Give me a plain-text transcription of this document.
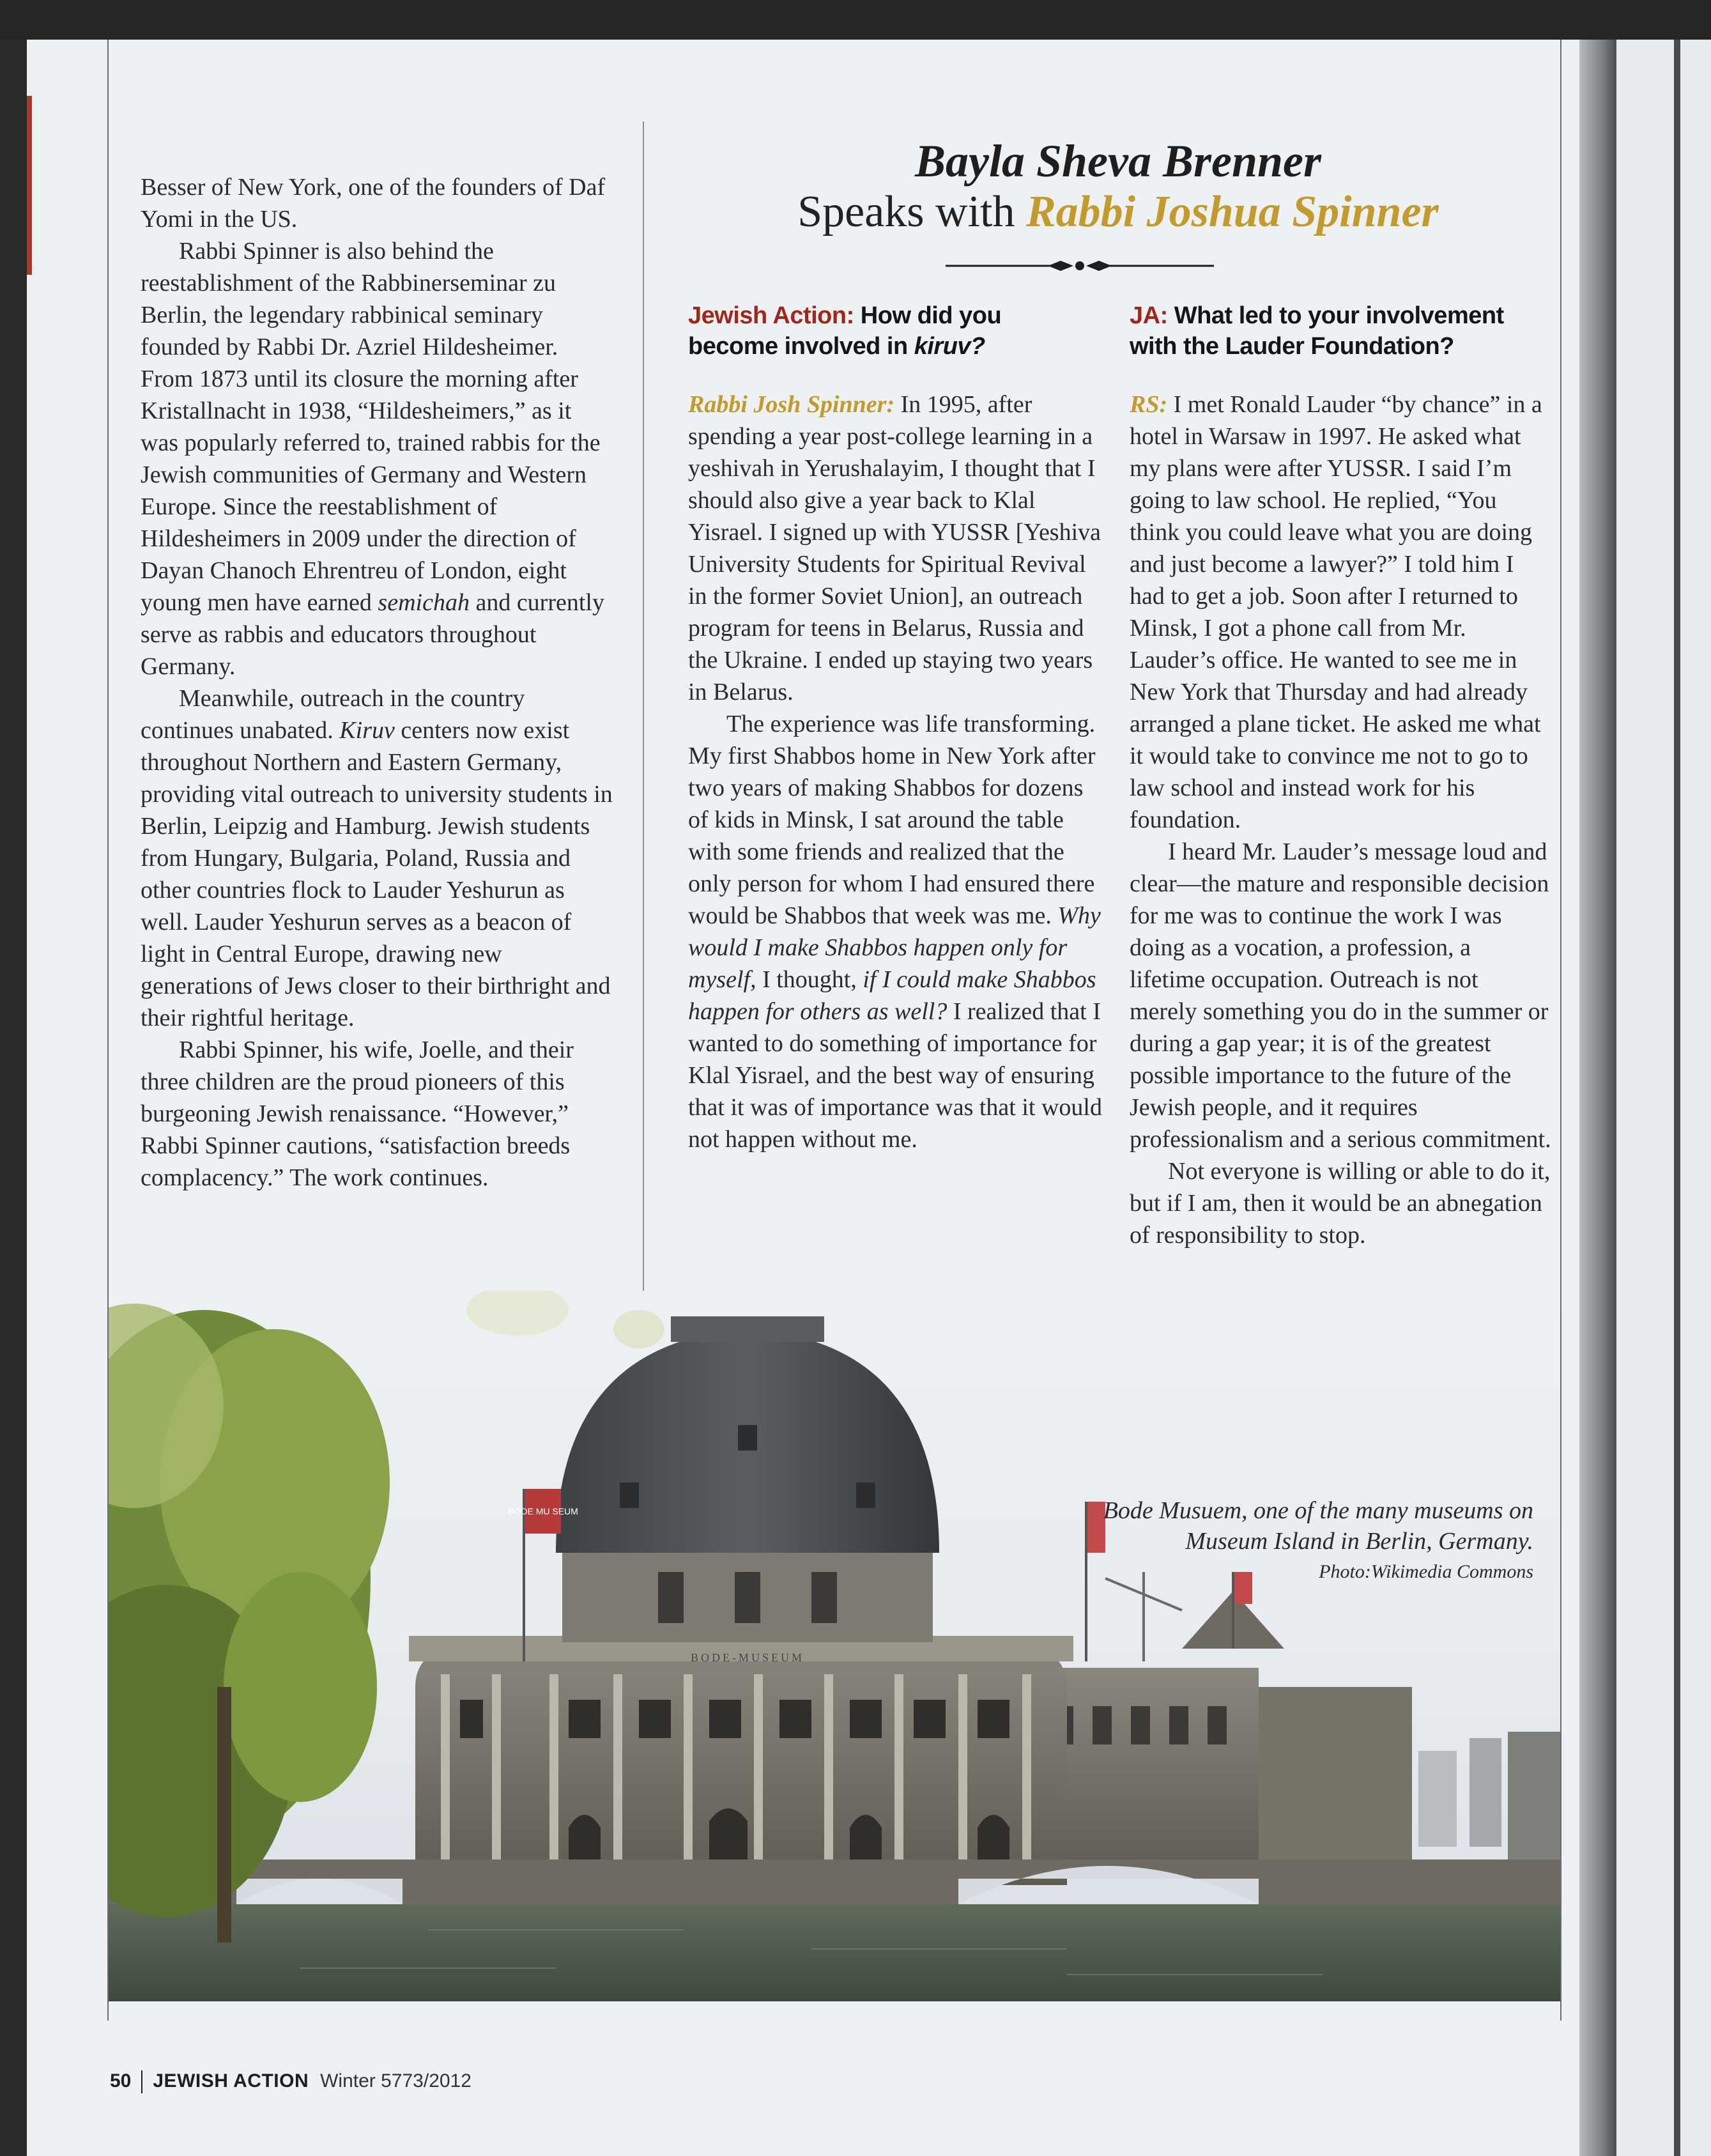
Besser of New York, one of the founders of Daf Yomi in the US.

Rabbi Spinner is also behind the reestablishment of the Rabbinerseminar zu Berlin, the legendary rabbinical seminary founded by Rabbi Dr. Azriel Hildesheimer. From 1873 until its closure the morning after Kristallnacht in 1938, “Hildesheimers,” as it was popularly referred to, trained rabbis for the Jewish communities of Germany and Western Europe. Since the reestablishment of Hildesheimers in 2009 under the direction of Dayan Chanoch Ehrentreu of London, eight young men have earned semichah and currently serve as rabbis and educators throughout Germany.

Meanwhile, outreach in the country continues unabated. Kiruv centers now exist throughout Northern and Eastern Germany, providing vital outreach to university students in Berlin, Leipzig and Hamburg. Jewish students from Hungary, Bulgaria, Poland, Russia and other countries flock to Lauder Yeshurun as well. Lauder Yeshurun serves as a beacon of light in Central Europe, drawing new generations of Jews closer to their birthright and their rightful heritage.

Rabbi Spinner, his wife, Joelle, and their three children are the proud pioneers of this burgeoning Jewish renaissance. “However,” Rabbi Spinner cautions, “satisfaction breeds complacency.” The work continues.

Bayla Sheva Brenner
Speaks with Rabbi Joshua Spinner
Jewish Action: How did you become involved in kiruv?
JA: What led to your involvement with the Lauder Foundation?

Rabbi Josh Spinner: In 1995, after spending a year post-college learning in a yeshivah in Yerushalayim, I thought that I should also give a year back to Klal Yisrael. I signed up with YUSSR [Yeshiva University Students for Spiritual Revival in the former Soviet Union], an outreach program for teens in Belarus, Russia and the Ukraine. I ended up staying two years in Belarus.

The experience was life transforming. My first Shabbos home in New York after two years of making Shabbos for dozens of kids in Minsk, I sat around the table with some friends and realized that the only person for whom I had ensured there would be Shabbos that week was me. Why would I make Shabbos happen only for myself, I thought, if I could make Shabbos happen for others as well? I realized that I wanted to do something of importance for Klal Yisrael, and the best way of ensuring that it was of importance was that it would not happen without me.

RS: I met Ronald Lauder “by chance” in a hotel in Warsaw in 1997. He asked what my plans were after YUSSR. I said I’m going to law school. He replied, “You think you could leave what you are doing and just become a lawyer?” I told him I had to get a job. Soon after I returned to Minsk, I got a phone call from Mr. Lauder’s office. He wanted to see me in New York that Thursday and had already arranged a plane ticket. He asked me what it would take to convince me not to go to law school and instead work for his foundation.

I heard Mr. Lauder’s message loud and clear—the mature and responsible decision for me was to continue the work I was doing as a vocation, a profession, a lifetime occupation. Outreach is not merely something you do in the summer or during a gap year; it is of the greatest possible importance to the future of the Jewish people, and it requires professionalism and a serious commitment.

Not everyone is willing or able to do it, but if I am, then it would be an abnegation of responsibility to stop.

BODE-MUSEUM
BODE MU SEUM	Bode Musuem, one of the many museums on Museum Island in Berlin, Germany.
Photo:Wikimedia Commons
50 JEWISH ACTION Winter 5773/2012
